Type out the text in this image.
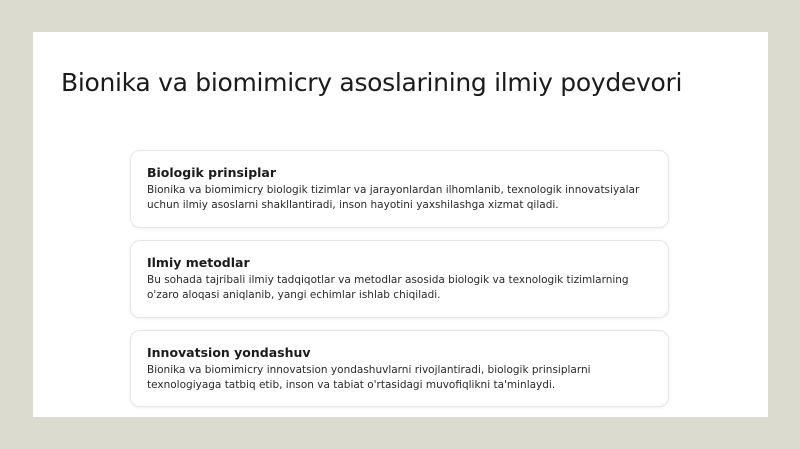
Bionika va biomimicry asoslarining ilmiy poydevori
Biologik prinsiplar

Bionika va biomimicry biologik tizimlar va jarayonlardan ilhomlanib, texnologik innovatsiyalar uchun ilmiy asoslarni shakllantiradi, inson hayotini yaxshilashga xizmat qiladi.

Ilmiy metodlar

Bu sohada tajribali ilmiy tadqiqotlar va metodlar asosida biologik va texnologik tizimlarning o'zaro aloqasi aniqlanib, yangi echimlar ishlab chiqiladi.

Innovatsion yondashuv

Bionika va biomimicry innovatsion yondashuvlarni rivojlantiradi, biologik prinsiplarni texnologiyaga tatbiq etib, inson va tabiat o'rtasidagi muvofiqlikni ta'minlaydi.
